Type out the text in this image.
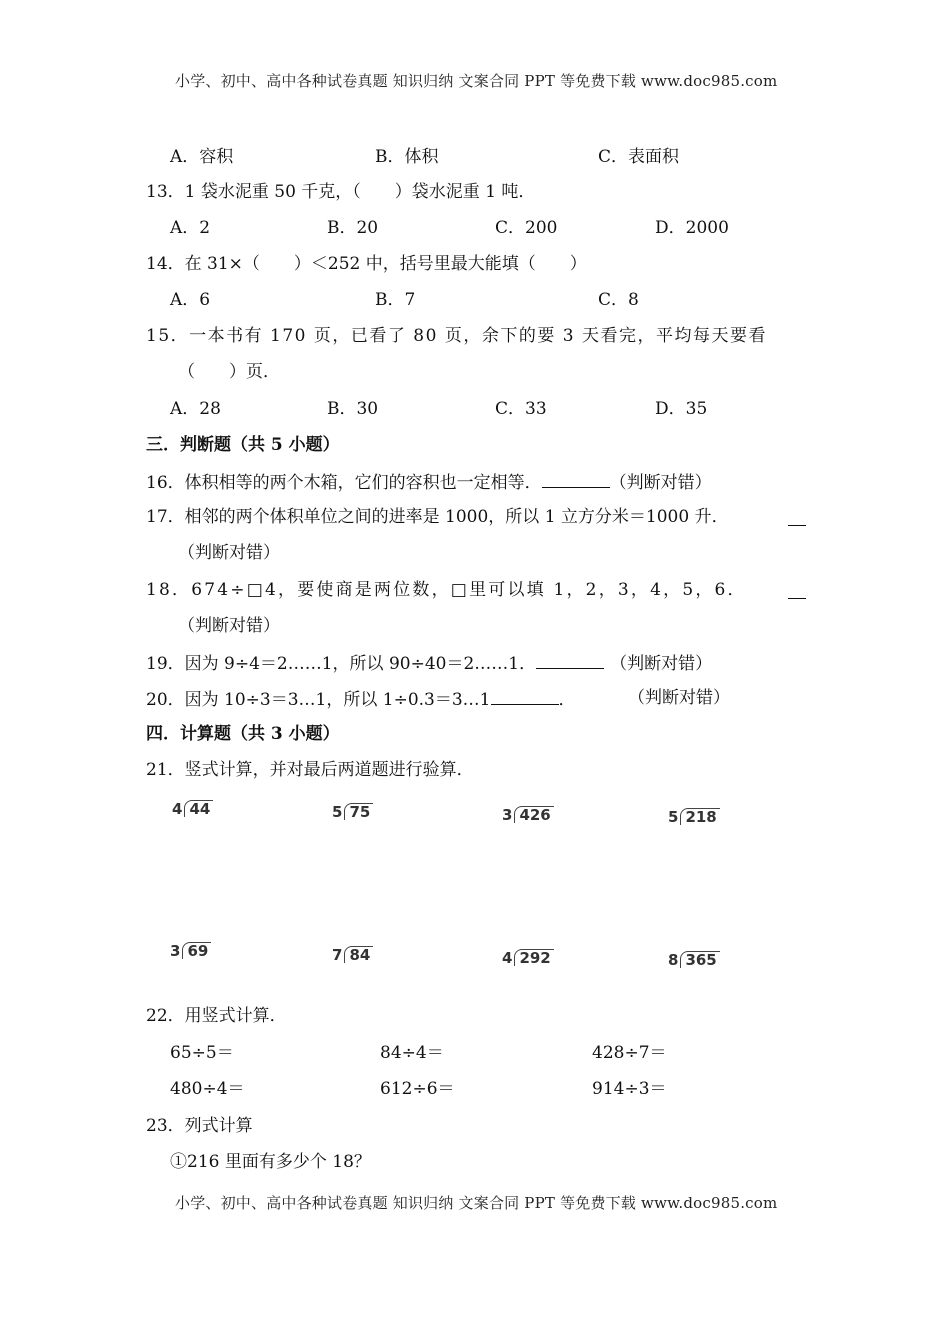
小学、初中、高中各种试卷真题 知识归纳 文案合同 PPT 等免费下载 www.doc985.com
A．容积	B．体积	C．表面积
13．1 袋水泥重 50 千克，（　　）袋水泥重 1 吨．
A．2	B．20	C．200	D．2000
14．在 31×（　　）＜252 中，括号里最大能填（　　）
A．6	B．7	C．8
15．一本书有 170 页，已看了 80 页，余下的要 3 天看完，平均每天要看
（　　）页．
A．28	B．30	C．33	D．35
三．判断题（共 5 小题）
16．体积相等的两个木箱，它们的容积也一定相等．	（判断对错）
17．相邻的两个体积单位之间的进率是 1000，所以 1 立方分米＝1000 升．
（判断对错）
18．674÷□4，要使商是两位数，□里可以填 1，2，3，4，5，6．
（判断对错）
19．因为 9÷4＝2……1，所以 90÷40＝2……1．	（判断对错）
20．因为 10÷3＝3…1，所以 1÷0.3＝3…1	．	（判断对错）
四．计算题（共 3 小题）
21．竖式计算，并对最后两道题进行验算．
4 44	5 75	3 426	5 218
3 69	7 84	4 292	8 365
22．用竖式计算．
65÷5＝	84÷4＝	428÷7＝
480÷4＝	612÷6＝	914÷3＝
23．列式计算
①216 里面有多少个 18？
小学、初中、高中各种试卷真题 知识归纳 文案合同 PPT 等免费下载 www.doc985.com
